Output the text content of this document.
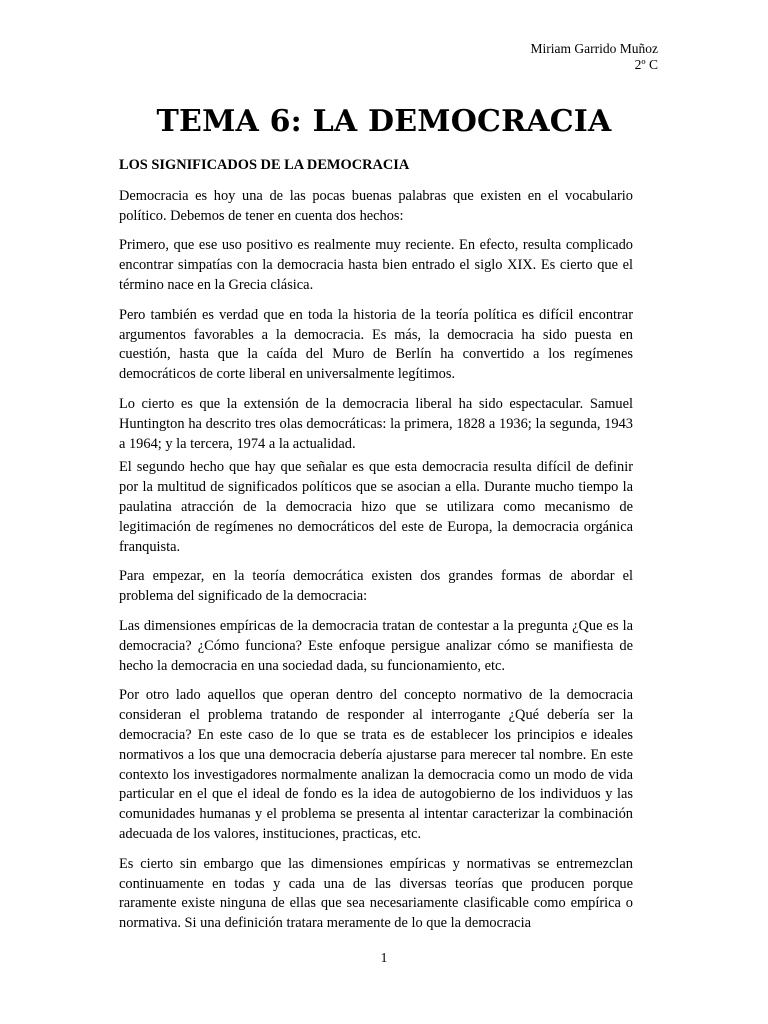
Miriam Garrido Muñoz
2º C
TEMA 6: LA DEMOCRACIA
LOS SIGNIFICADOS DE LA DEMOCRACIA

Democracia es hoy una de las pocas buenas palabras que existen en el vocabulario político. Debemos de tener en cuenta dos hechos:

Primero, que ese uso positivo es realmente muy reciente. En efecto, resulta complicado encontrar simpatías con la democracia hasta bien entrado el siglo XIX. Es cierto que el término nace en la Grecia clásica.

Pero también es verdad que en toda la historia de la teoría política es difícil encontrar argumentos favorables a la democracia. Es más, la democracia ha sido puesta en cuestión, hasta que la caída del Muro de Berlín ha convertido a los regímenes democráticos de corte liberal en universalmente legítimos.

Lo cierto es que la extensión de la democracia liberal ha sido espectacular. Samuel Huntington ha descrito tres olas democráticas: la primera, 1828 a 1936; la segunda, 1943 a 1964; y la tercera, 1974 a la actualidad.

El segundo hecho que hay que señalar es que esta democracia resulta difícil de definir por la multitud de significados políticos que se asocian a ella. Durante mucho tiempo la paulatina atracción de la democracia hizo que se utilizara como mecanismo de legitimación de regímenes no democráticos del este de Europa, la democracia orgánica franquista.

Para empezar, en la teoría democrática existen dos grandes formas de abordar el problema del significado de la democracia:

Las dimensiones empíricas de la democracia tratan de contestar a la pregunta ¿Que es la democracia? ¿Cómo funciona? Este enfoque persigue analizar cómo se manifiesta de hecho la democracia en una sociedad dada, su funcionamiento, etc.

Por otro lado aquellos que operan dentro del concepto normativo de la democracia consideran el problema tratando de responder al interrogante ¿Qué debería ser la democracia? En este caso de lo que se trata es de establecer los principios e ideales normativos a los que una democracia debería ajustarse para merecer tal nombre. En este contexto los investigadores normalmente analizan la democracia como un modo de vida particular en el que el ideal de fondo es la idea de autogobierno de los individuos y las comunidades humanas y el problema se presenta al intentar caracterizar la combinación adecuada de los valores, instituciones, practicas, etc.

Es cierto sin embargo que las dimensiones empíricas y normativas se entremezclan continuamente en todas y cada una de las diversas teorías que producen porque raramente existe ninguna de ellas que sea necesariamente clasificable como empírica o normativa. Si una definición tratara meramente de lo que la democracia

1
